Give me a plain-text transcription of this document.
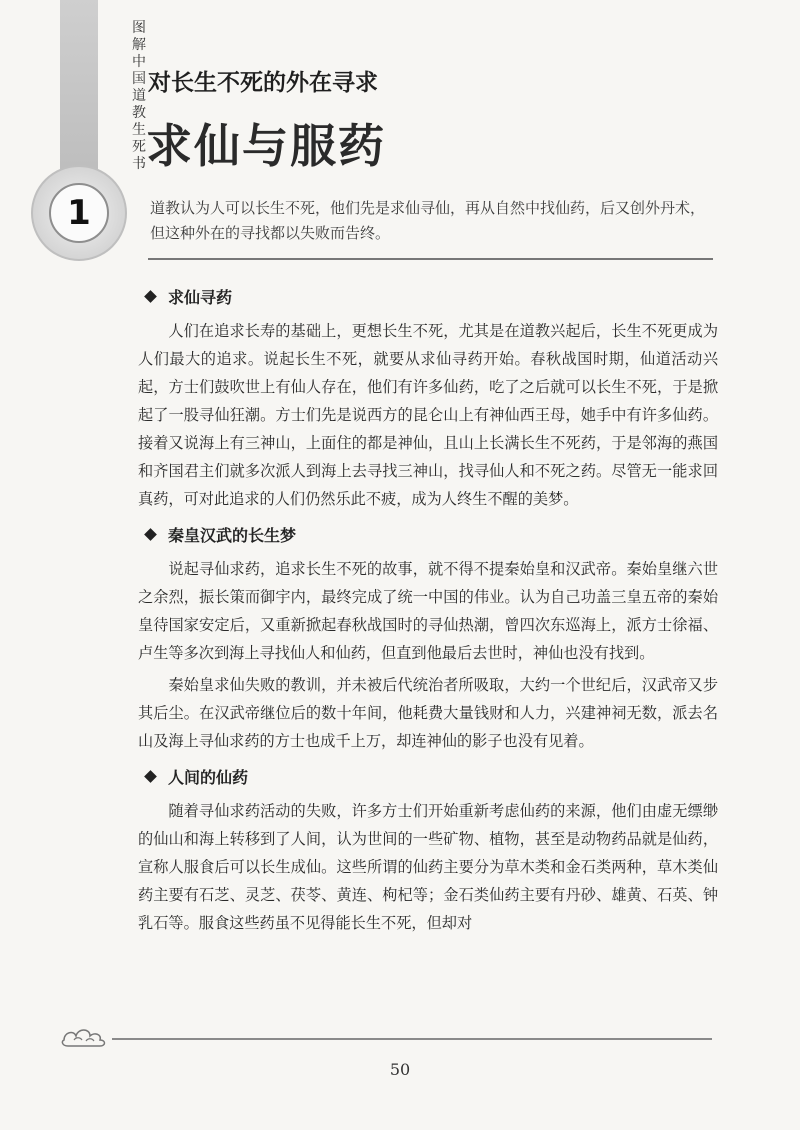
图解中国道教生死书
1
对长生不死的外在寻求
求仙与服药
道教认为人可以长生不死，他们先是求仙寻仙，再从自然中找仙药，后又创外丹术，但这种外在的寻找都以失败而告终。
求仙寻药

人们在追求长寿的基础上，更想长生不死，尤其是在道教兴起后，长生不死更成为人们最大的追求。说起长生不死，就要从求仙寻药开始。春秋战国时期，仙道活动兴起，方士们鼓吹世上有仙人存在，他们有许多仙药，吃了之后就可以长生不死，于是掀起了一股寻仙狂潮。方士们先是说西方的昆仑山上有神仙西王母，她手中有许多仙药。接着又说海上有三神山，上面住的都是神仙，且山上长满长生不死药，于是邻海的燕国和齐国君主们就多次派人到海上去寻找三神山，找寻仙人和不死之药。尽管无一能求回真药，可对此追求的人们仍然乐此不疲，成为人终生不醒的美梦。

秦皇汉武的长生梦

说起寻仙求药，追求长生不死的故事，就不得不提秦始皇和汉武帝。秦始皇继六世之余烈，振长策而御宇内，最终完成了统一中国的伟业。认为自己功盖三皇五帝的秦始皇待国家安定后，又重新掀起春秋战国时的寻仙热潮，曾四次东巡海上，派方士徐福、卢生等多次到海上寻找仙人和仙药，但直到他最后去世时，神仙也没有找到。

秦始皇求仙失败的教训，并未被后代统治者所吸取，大约一个世纪后，汉武帝又步其后尘。在汉武帝继位后的数十年间，他耗费大量钱财和人力，兴建神祠无数，派去名山及海上寻仙求药的方士也成千上万，却连神仙的影子也没有见着。

人间的仙药

随着寻仙求药活动的失败，许多方士们开始重新考虑仙药的来源，他们由虚无缥缈的仙山和海上转移到了人间，认为世间的一些矿物、植物，甚至是动物药品就是仙药，宣称人服食后可以长生成仙。这些所谓的仙药主要分为草木类和金石类两种，草木类仙药主要有石芝、灵芝、茯苓、黄连、枸杞等；金石类仙药主要有丹砂、雄黄、石英、钟乳石等。服食这些药虽不见得能长生不死，但却对

50
